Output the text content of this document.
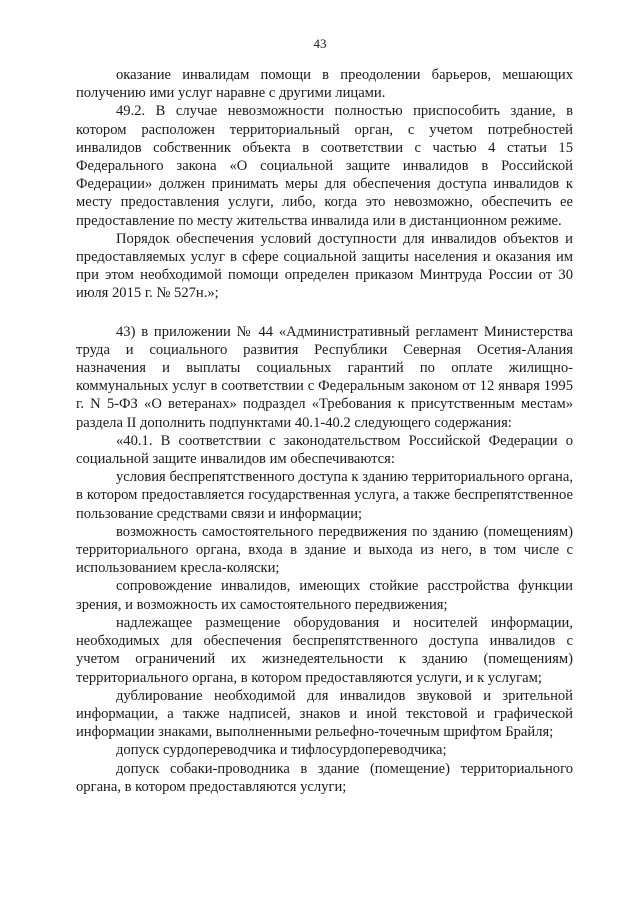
43

оказание инвалидам помощи в преодолении барьеров, мешающих получению ими услуг наравне с другими лицами.

49.2. В случае невозможности полностью приспособить здание, в котором расположен территориальный орган, с учетом потребностей инвалидов собственник объекта в соответствии с частью 4 статьи 15 Федерального закона «О социальной защите инвалидов в Российской Федерации» должен принимать меры для обеспечения доступа инвалидов к месту предоставления услуги, либо, когда это невозможно, обеспечить ее предоставление по месту жительства инвалида или в дистанционном режиме.

Порядок обеспечения условий доступности для инвалидов объектов и предоставляемых услуг в сфере социальной защиты населения и оказания им при этом необходимой помощи определен приказом Минтруда России от 30 июля 2015 г. № 527н.»;

43) в приложении № 44 «Административный регламент Министерства труда и социального развития Республики Северная Осетия-Алания назначения и выплаты социальных гарантий по оплате жилищно-коммунальных услуг в соответствии с Федеральным законом от 12 января 1995 г. N 5-ФЗ «О ветеранах» подраздел «Требования к присутственным местам» раздела II дополнить подпунктами 40.1-40.2 следующего содержания:

«40.1. В соответствии с законодательством Российской Федерации о социальной защите инвалидов им обеспечиваются:

условия беспрепятственного доступа к зданию территориального органа, в котором предоставляется государственная услуга, а также беспрепятственное пользование средствами связи и информации;

возможность самостоятельного передвижения по зданию (помещениям) территориального органа, входа в здание и выхода из него, в том числе с использованием кресла-коляски;

сопровождение инвалидов, имеющих стойкие расстройства функции зрения, и возможность их самостоятельного передвижения;

надлежащее размещение оборудования и носителей информации, необходимых для обеспечения беспрепятственного доступа инвалидов с учетом ограничений их жизнедеятельности к зданию (помещениям) территориального органа, в котором предоставляются услуги, и к услугам;

дублирование необходимой для инвалидов звуковой и зрительной информации, а также надписей, знаков и иной текстовой и графической информации знаками, выполненными рельефно-точечным шрифтом Брайля;

допуск сурдопереводчика и тифлосурдопереводчика;

допуск собаки-проводника в здание (помещение) территориального органа, в котором предоставляются услуги;
